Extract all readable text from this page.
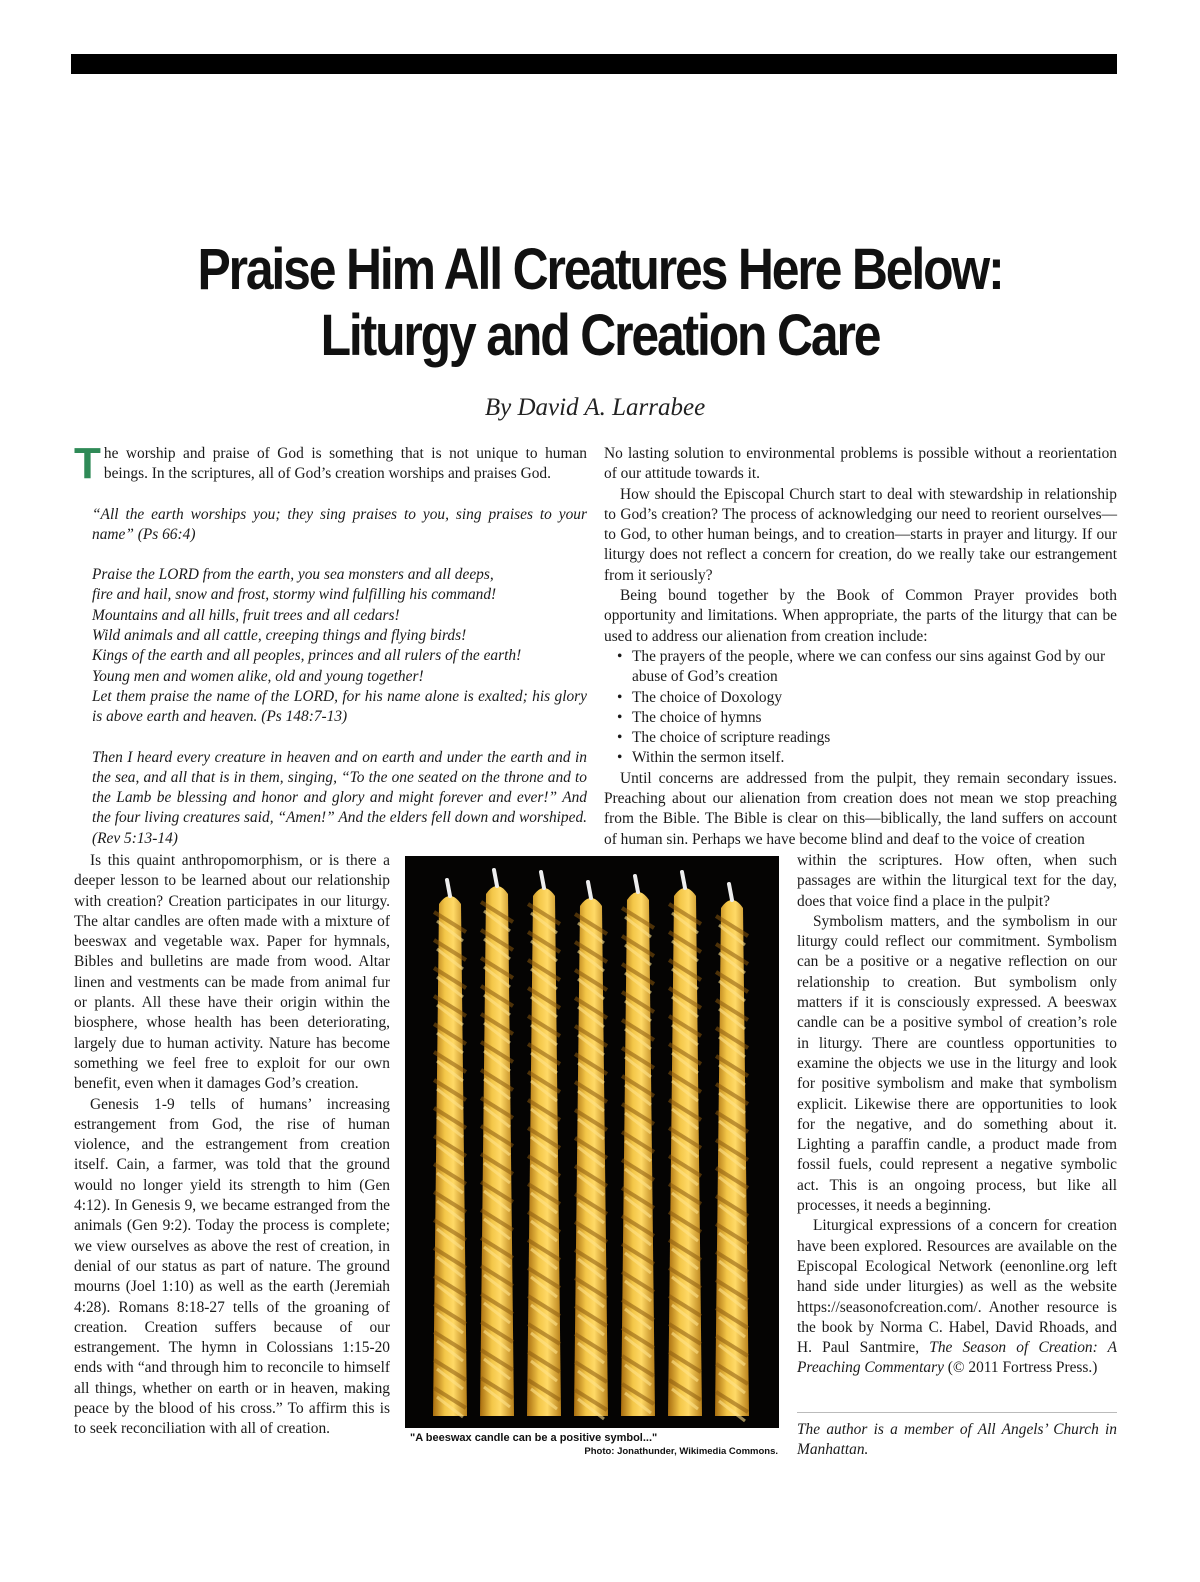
Praise Him All Creatures Here Below:
Liturgy and Creation Care

By David A. Larrabee

The worship and praise of God is something that is not unique to human beings. In the scriptures, all of God’s creation worships and praises God.

“All the earth worships you; they sing praises to you, sing praises to your name” (Ps 66:4)

Praise the LORD from the earth, you sea monsters and all deeps,
fire and hail, snow and frost, stormy wind fulfilling his command!
Mountains and all hills, fruit trees and all cedars!
Wild animals and all cattle, creeping things and flying birds!
Kings of the earth and all peoples, princes and all rulers of the earth!
Young men and women alike, old and young together!
Let them praise the name of the LORD, for his name alone is exalted; his glory is above earth and heaven. (Ps 148:7-13)

Then I heard every creature in heaven and on earth and under the earth and in the sea, and all that is in them, singing, “To the one seated on the throne and to the Lamb be blessing and honor and glory and might forever and ever!” And the four living creatures said, “Amen!” And the elders fell down and worshiped. (Rev 5:13-14)

Is this quaint anthropomorphism, or is there a deeper lesson to be learned about our relationship with creation? Creation participates in our liturgy. The altar candles are often made with a mixture of beeswax and vegetable wax. Paper for hymnals, Bibles and bulletins are made from wood. Altar linen and vestments can be made from animal fur or plants. All these have their origin within the biosphere, whose health has been deteriorating, largely due to human activity. Nature has become something we feel free to exploit for our own benefit, even when it damages God’s creation.

Genesis 1-9 tells of humans’ increasing estrangement from God, the rise of human violence, and the estrangement from creation itself. Cain, a farmer, was told that the ground would no longer yield its strength to him (Gen 4:12). In Genesis 9, we became estranged from the animals (Gen 9:2). Today the process is complete; we view ourselves as above the rest of creation, in denial of our status as part of nature. The ground mourns (Joel 1:10) as well as the earth (Jeremiah 4:28). Romans 8:18-27 tells of the groaning of creation. Creation suffers because of our estrangement. The hymn in Colossians 1:15-20 ends with “and through him to reconcile to himself all things, whether on earth or in heaven, making peace by the blood of his cross.” To affirm this is to seek reconciliation with all of creation.

No lasting solution to environmental problems is possible without a reorientation of our attitude towards it.

How should the Episcopal Church start to deal with stewardship in relationship to God’s creation? The process of acknowledging our need to reorient ourselves—to God, to other human beings, and to creation—starts in prayer and liturgy. If our liturgy does not reflect a concern for creation, do we really take our estrangement from it seriously?

Being bound together by the Book of Common Prayer provides both opportunity and limitations. When appropriate, the parts of the liturgy that can be used to address our alienation from creation include:

• The prayers of the people, where we can confess our sins against God by our abuse of God’s creation
• The choice of Doxology
• The choice of hymns
• The choice of scripture readings
• Within the sermon itself.

Until concerns are addressed from the pulpit, they remain secondary issues. Preaching about our alienation from creation does not mean we stop preaching from the Bible. The Bible is clear on this—biblically, the land suffers on account of human sin. Perhaps we have become blind and deaf to the voice of creation

within the scriptures. How often, when such passages are within the liturgical text for the day, does that voice find a place in the pulpit?

Symbolism matters, and the symbolism in our liturgy could reflect our commitment. Symbolism can be a positive or a negative reflection on our relationship to creation. But symbolism only matters if it is consciously expressed. A beeswax candle can be a positive symbol of creation’s role in liturgy. There are countless opportunities to examine the objects we use in the liturgy and look for positive symbolism and make that symbolism explicit. Likewise there are opportunities to look for the negative, and do something about it. Lighting a paraffin candle, a product made from fossil fuels, could represent a negative symbolic act. This is an ongoing process, but like all processes, it needs a beginning.

Liturgical expressions of a concern for creation have been explored. Resources are available on the Episcopal Ecological Network (eenonline.org left hand side under liturgies) as well as the website https://seasonofcreation.com/. Another resource is the book by Norma C. Habel, David Rhoads, and H. Paul Santmire, The Season of Creation: A Preaching Commentary (© 2011 Fortress Press.)

The author is a member of All Angels’ Church in Manhattan.

"A beeswax candle can be a positive symbol..."

Photo: Jonathunder, Wikimedia Commons.
